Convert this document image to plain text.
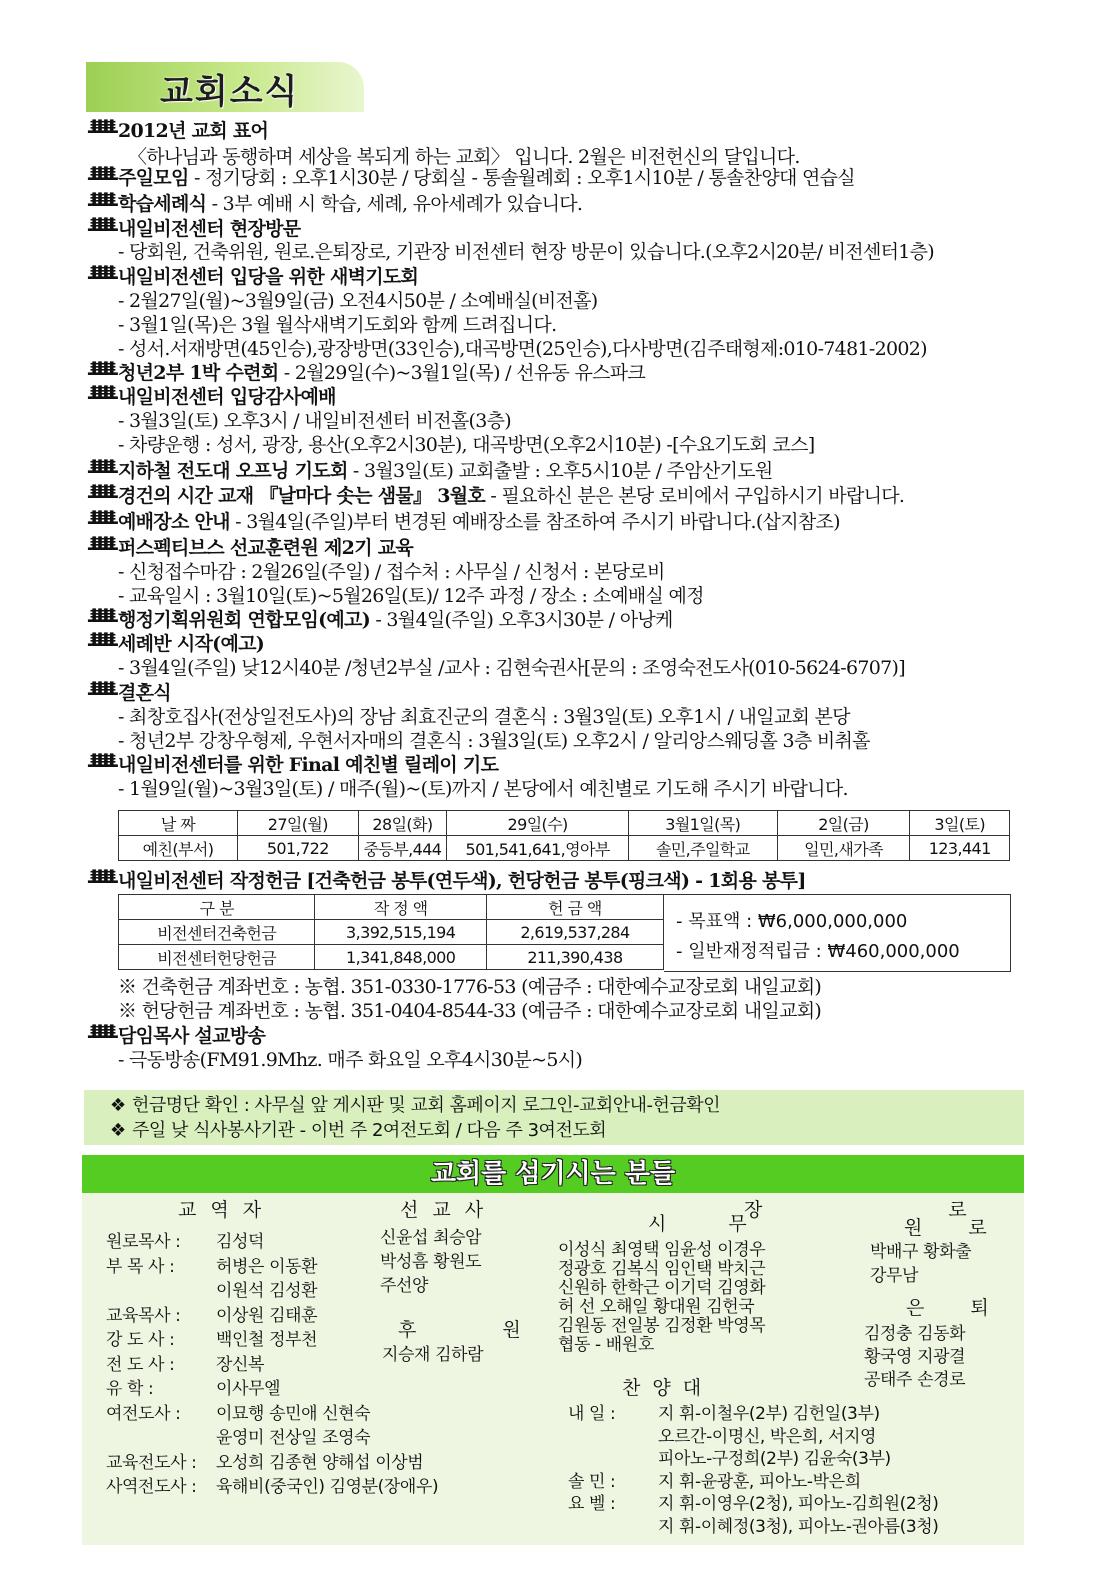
교회소식
ᚙ 2012년 교회 표어
〈하나님과 동행하며 세상을 복되게 하는 교회〉 입니다. 2월은 비전헌신의 달입니다.
ᚙ 주일모임 - 정기당회 : 오후1시30분 / 당회실 - 통솔월례회 : 오후1시10분 / 통솔찬양대 연습실
ᚙ 학습세례식 - 3부 예배 시 학습, 세례, 유아세례가 있습니다.
ᚙ 내일비전센터 현장방문
- 당회원, 건축위원, 원로.은퇴장로, 기관장 비전센터 현장 방문이 있습니다.(오후2시20분/ 비전센터1층)
ᚙ 내일비전센터 입당을 위한 새벽기도회
- 2월27일(월)~3월9일(금) 오전4시50분 / 소예배실(비전홀)
- 3월1일(목)은 3월 월삭새벽기도회와 함께 드려집니다.
- 성서.서재방면(45인승),광장방면(33인승),대곡방면(25인승),다사방면(김주태형제:010-7481-2002)
ᚙ 청년2부 1박 수련회 - 2월29일(수)~3월1일(목) / 선유동 유스파크
ᚙ 내일비전센터 입당감사예배
- 3월3일(토) 오후3시 / 내일비전센터 비전홀(3층)
- 차량운행 : 성서, 광장, 용산(오후2시30분), 대곡방면(오후2시10분) -[수요기도회 코스]
ᚙ 지하철 전도대 오프닝 기도회 - 3월3일(토) 교회출발 : 오후5시10분 / 주암산기도원
ᚙ 경건의 시간 교재 『날마다 솟는 샘물』 3월호 - 필요하신 분은 본당 로비에서 구입하시기 바랍니다.
ᚙ 예배장소 안내 - 3월4일(주일)부터 변경된 예배장소를 참조하여 주시기 바랍니다.(삽지참조)
ᚙ 퍼스펙티브스 선교훈련원 제2기 교육
- 신청접수마감 : 2월26일(주일) / 접수처 : 사무실 / 신청서 : 본당로비
- 교육일시 : 3월10일(토)~5월26일(토)/ 12주 과정 / 장소 : 소예배실 예정
ᚙ 행정기획위원회 연합모임(예고) - 3월4일(주일) 오후3시30분 / 아낭케
ᚙ 세례반 시작(예고)
- 3월4일(주일) 낮12시40분 /청년2부실 /교사 : 김현숙권사[문의 : 조영숙전도사(010-5624-6707)]
ᚙ 결혼식
- 최창호집사(전상일전도사)의 장남 최효진군의 결혼식 : 3월3일(토) 오후1시 / 내일교회 본당
- 청년2부 강창우형제, 우현서자매의 결혼식 : 3월3일(토) 오후2시 / 알리앙스웨딩홀 3층 비취홀
ᚙ 내일비전센터를 위한 Final 예친별 릴레이 기도
- 1월9일(월)~3월3일(토) / 매주(월)~(토)까지 / 본당에서 예친별로 기도해 주시기 바랍니다.
날 짜	27일(월)	28일(화)	29일(수)	3월1일(목)	2일(금)	3일(토)
예친(부서)	501,722	중등부,444	501,541,641,영아부	솔민,주일학교	일민,새가족	123,441
ᚙ 내일비전센터 작정헌금 [건축헌금 봉투(연두색), 헌당헌금 봉투(핑크색) - 1회용 봉투]
구 분	작 정 액	헌 금 액
비전센터건축헌금	3,392,515,194	2,619,537,284
비전센터헌당헌금	1,341,848,000	211,390,438
- 목표액 : ₩6,000,000,000
- 일반재정적립금 : ₩460,000,000
※ 건축헌금 계좌번호 : 농협. 351-0330-1776-53 (예금주 : 대한예수교장로회 내일교회)
※ 헌당헌금 계좌번호 : 농협. 351-0404-8544-33 (예금주 : 대한예수교장로회 내일교회)
ᚙ 담임목사 설교방송
- 극동방송(FM91.9Mhz. 매주 화요일 오후4시30분~5시)
❖ 헌금명단 확인 : 사무실 앞 게시판 및 교회 홈페이지 로그인-교회안내-헌금확인
❖ 주일 낮 식사봉사기관 - 이번 주 2여전도회 / 다음 주 3여전도회
교회를 섬기시는 분들
교역자
원로목사 : 김성덕
부 목 사 : 허병은 이동환
이원석 김성환
교육목사 : 이상원 김태훈
강 도 사 : 백인철 정부천
전 도 사 : 장신복
유 학 :	이사무엘
여전도사 : 이묘행 송민애 신현숙
윤영미 전상일 조영숙
교육전도사 : 오성희 김종현 양해섭 이상범
사역전도사 : 육해비(중국인) 김영분(장애우)
선교사
신윤섭 최승암
박성흠 황원도
주선양
후 원
지승재 김하람
장 로
시 무
이성식 최영택 임윤성 이경우
정광호 김복식 임인택 박치근
신원하 한학근 이기덕 김영화
허 선 오해일 황대원 김헌국
김원동 전일봉 김정환 박영목
협동 - 배원호
원 로
박배구 황화출
강무남
은 퇴
김정충 김동화
황국영 지광결
공태주 손경로
찬양대
내 일 :	지 휘-이철우(2부) 김헌일(3부)
오르간-이명신, 박은희, 서지영
피아노-구정희(2부) 김윤숙(3부)
솔 민 :	지 휘-윤광훈, 피아노-박은희
요 벨 :	지 휘-이영우(2청), 피아노-김희원(2청)
지 휘-이혜정(3청), 피아노-권아름(3청)
